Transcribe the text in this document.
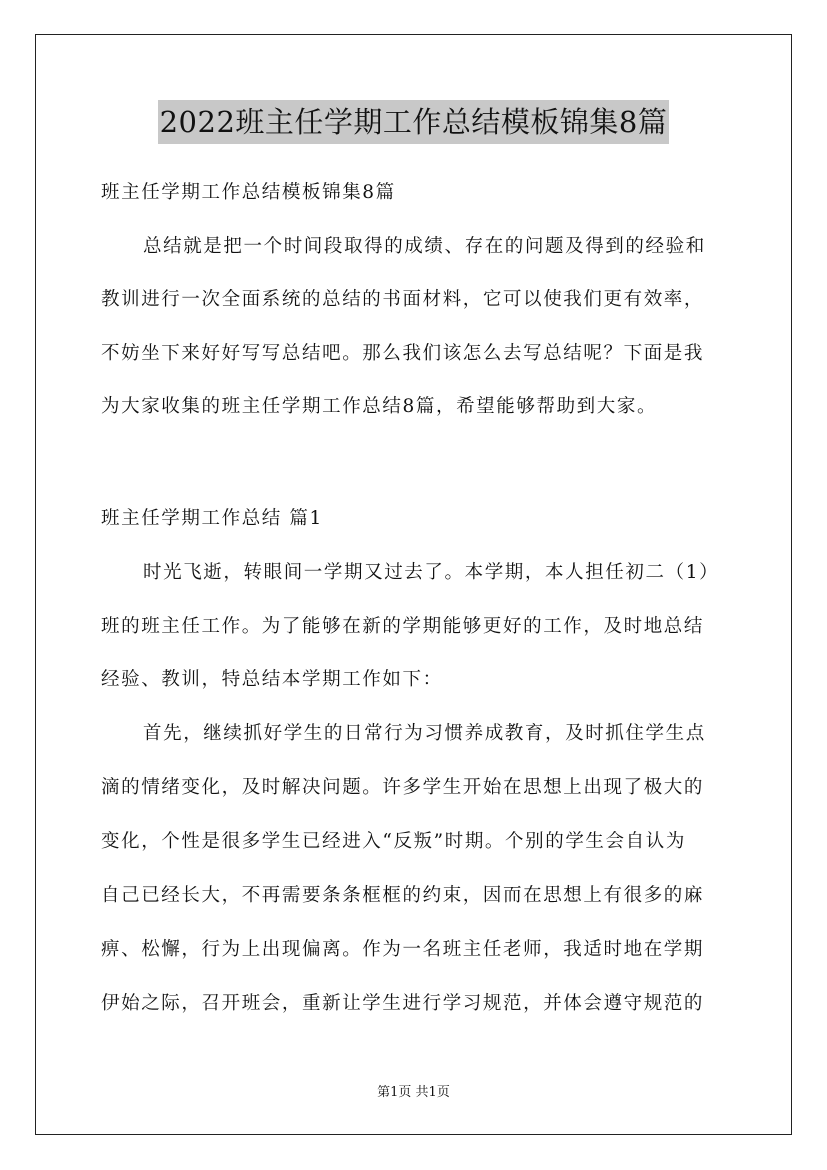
2022班主任学期工作总结模板锦集8篇
班主任学期工作总结模板锦集8篇
总结就是把一个时间段取得的成绩、存在的问题及得到的经验和
教训进行一次全面系统的总结的书面材料，它可以使我们更有效率，
不妨坐下来好好写写总结吧。那么我们该怎么去写总结呢？下面是我
为大家收集的班主任学期工作总结8篇，希望能够帮助到大家。
班主任学期工作总结 篇1
时光飞逝，转眼间一学期又过去了。本学期，本人担任初二（1）
班的班主任工作。为了能够在新的学期能够更好的工作，及时地总结
经验、教训，特总结本学期工作如下：
首先，继续抓好学生的日常行为习惯养成教育，及时抓住学生点
滴的情绪变化，及时解决问题。许多学生开始在思想上出现了极大的
变化，个性是很多学生已经进入“反叛”时期。个别的学生会自认为
自己已经长大，不再需要条条框框的约束，因而在思想上有很多的麻
痹、松懈，行为上出现偏离。作为一名班主任老师，我适时地在学期
伊始之际，召开班会，重新让学生进行学习规范，并体会遵守规范的
第1页 共1页
